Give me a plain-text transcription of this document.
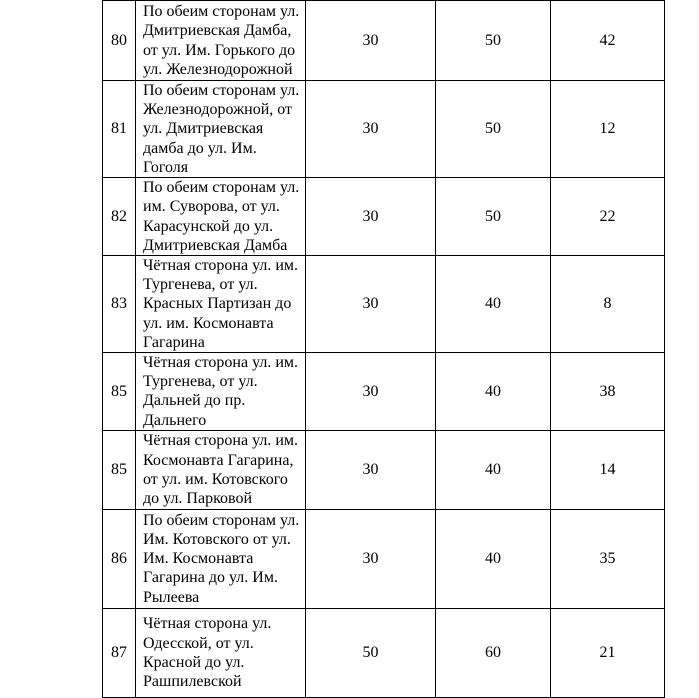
80	По обеим сторонам ул. Дмитриевская Дамба, от ул. Им. Горького до ул. Железнодорожной	30	50	42
81	По обеим сторонам ул. Железнодорожной, от ул. Дмитриевская дамба до ул. Им. Гоголя	30	50	12
82	По обеим сторонам ул. им. Суворова, от ул. Карасунской до ул. Дмитриевская Дамба	30	50	22
83	Чётная сторона ул. им. Тургенева, от ул. Красных Партизан до ул. им. Космонавта Гагарина	30	40	8
85	Чётная сторона ул. им. Тургенева, от ул. Дальней до пр. Дальнего	30	40	38
85	Чётная сторона ул. им. Космонавта Гагарина, от ул. им. Котовского до ул. Парковой	30	40	14
86	По обеим сторонам ул. Им. Котовского от ул. Им. Космонавта Гагарина до ул. Им. Рылеева	30	40	35
87	Чётная сторона ул. Одесской, от ул. Красной до ул. Рашпилевской	50	60	21
